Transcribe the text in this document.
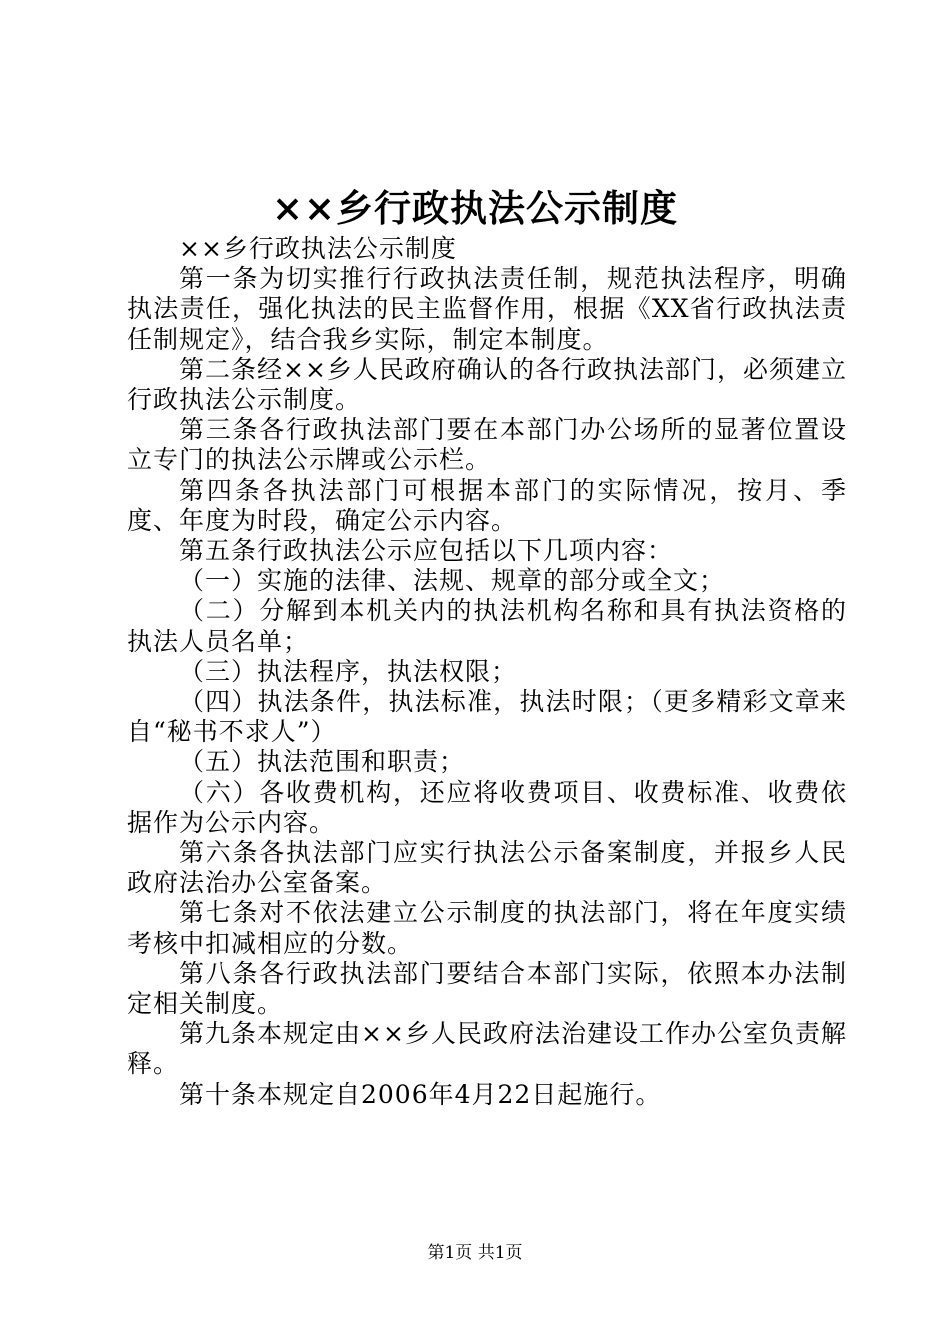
××乡行政执法公示制度

××乡行政执法公示制度

第一条为切实推行行政执法责任制，规范执法程序，明确执法责任，强化执法的民主监督作用，根据《XX省行政执法责任制规定》，结合我乡实际，制定本制度。

第二条经××乡人民政府确认的各行政执法部门，必须建立行政执法公示制度。

第三条各行政执法部门要在本部门办公场所的显著位置设立专门的执法公示牌或公示栏。

第四条各执法部门可根据本部门的实际情况，按月、季度、年度为时段，确定公示内容。

第五条行政执法公示应包括以下几项内容：

（一）实施的法律、法规、规章的部分或全文；

（二）分解到本机关内的执法机构名称和具有执法资格的执法人员名单；

（三）执法程序，执法权限；

（四）执法条件，执法标准，执法时限；（更多精彩文章来自“秘书不求人”）

（五）执法范围和职责；

（六）各收费机构，还应将收费项目、收费标准、收费依据作为公示内容。

第六条各执法部门应实行执法公示备案制度，并报乡人民政府法治办公室备案。

第七条对不依法建立公示制度的执法部门，将在年度实绩考核中扣减相应的分数。

第八条各行政执法部门要结合本部门实际，依照本办法制定相关制度。

第九条本规定由××乡人民政府法治建设工作办公室负责解释。

第十条本规定自2006年4月22日起施行。

第1页 共1页
